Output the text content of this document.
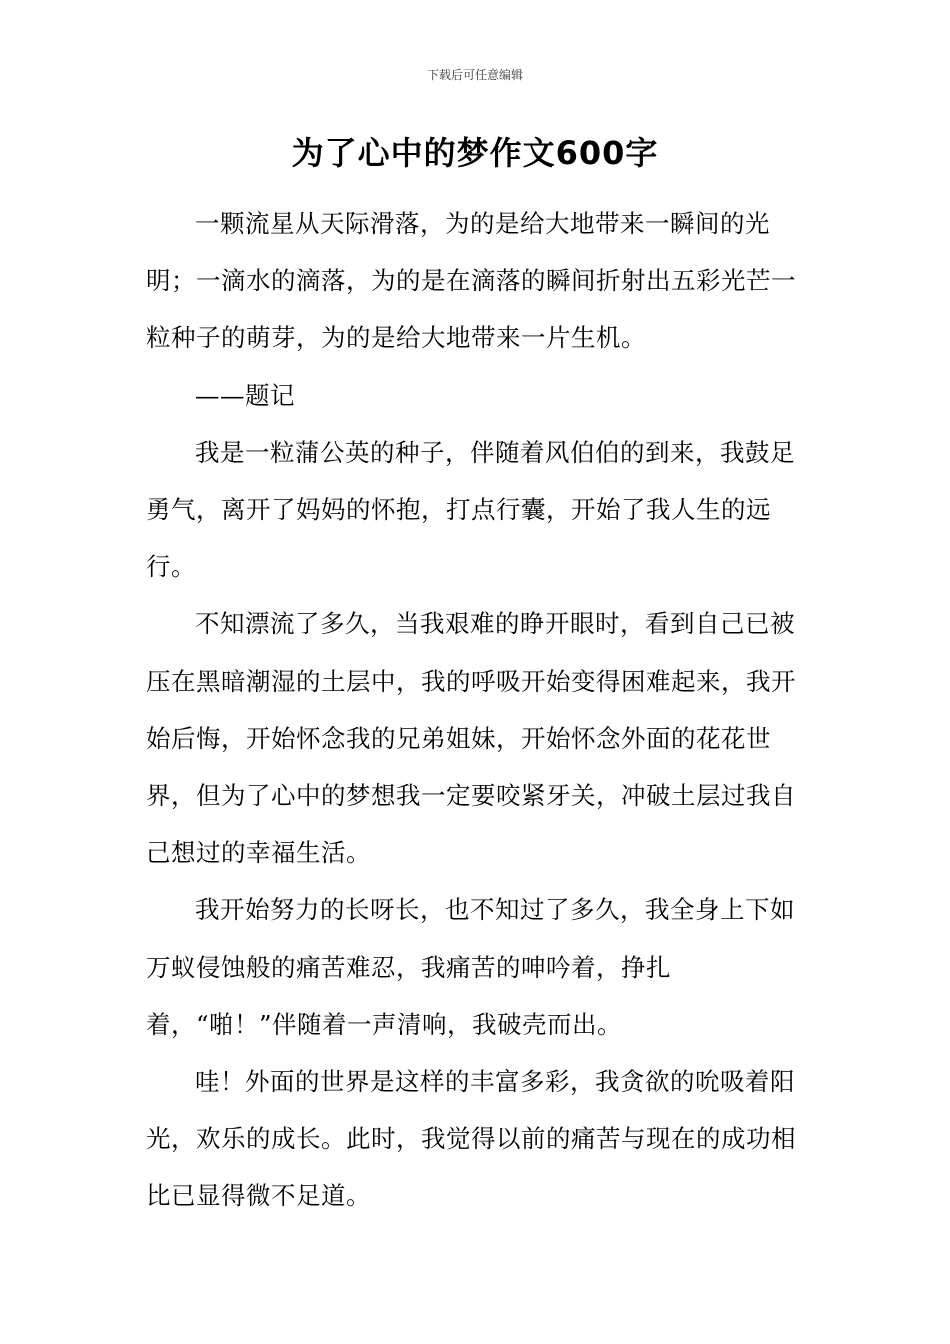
下载后可任意编辑
为了心中的梦作文600字

一颗流星从天际滑落，为的是给大地带来一瞬间的光明；一滴水的滴落，为的是在滴落的瞬间折射出五彩光芒一粒种子的萌芽，为的是给大地带来一片生机。

——题记

我是一粒蒲公英的种子，伴随着风伯伯的到来，我鼓足勇气，离开了妈妈的怀抱，打点行囊，开始了我人生的远行。

不知漂流了多久，当我艰难的睁开眼时，看到自己已被压在黑暗潮湿的土层中，我的呼吸开始变得困难起来，我开始后悔，开始怀念我的兄弟姐妹，开始怀念外面的花花世界，但为了心中的梦想我一定要咬紧牙关，冲破土层过我自己想过的幸福生活。

我开始努力的长呀长，也不知过了多久，我全身上下如万蚁侵蚀般的痛苦难忍，我痛苦的呻吟着，挣扎着，“啪！”伴随着一声清响，我破壳而出。

哇！外面的世界是这样的丰富多彩，我贪欲的吮吸着阳光，欢乐的成长。此时，我觉得以前的痛苦与现在的成功相比已显得微不足道。
